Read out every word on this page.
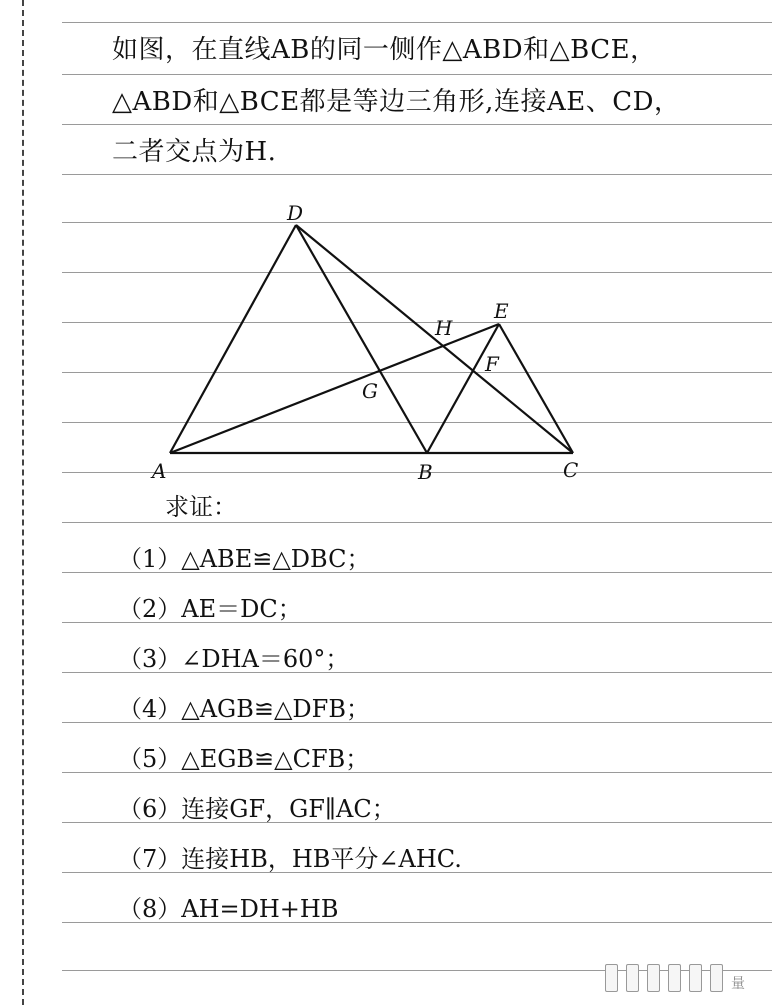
如图，在直线AB的同一侧作△ABD和△BCE，
△ABD和△BCE都是等边三角形,连接AE、CD，
二者交点为H.
D
E
H
F
G
A	B	C
求证：
（1）△ABE≌△DBC；
（2）AE＝DC；
（3）∠DHA＝60°；
（4）△AGB≌△DFB；
（5）△EGB≌△CFB；
（6）连接GF，GF∥AC；
（7）连接HB，HB平分∠AHC.
（8）AH=DH+HB
量
